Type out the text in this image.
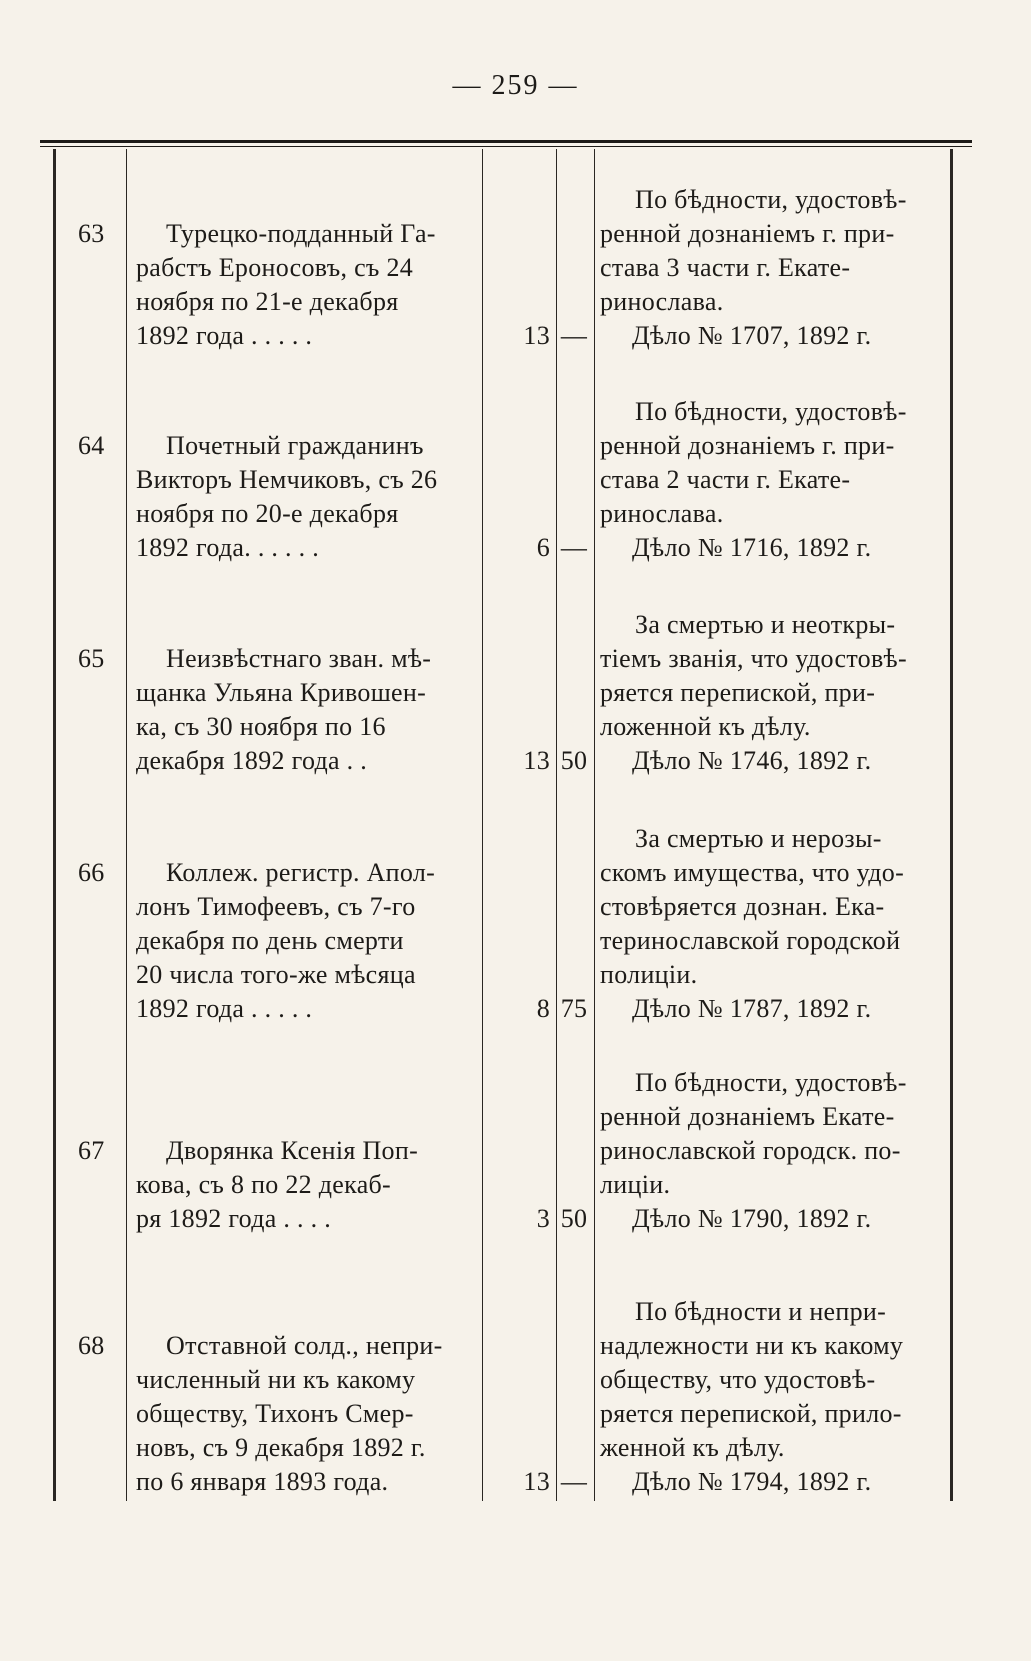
— 259 —
По бѣдности, удостовѣ-
ренной дознаніемъ г. при-
става 3 части г. Екате-
ринослава.
Дѣло № 1707, 1892 г.
Турецко-подданный Га-
рабстъ Ероносовъ, съ 24
ноября по 21-е декабря
1892 года . . . . .
63
13 —
По бѣдности, удостовѣ-
ренной дознаніемъ г. при-
става 2 части г. Екате-
ринослава.
Дѣло № 1716, 1892 г.
Почетный гражданинъ
Викторъ Немчиковъ, съ 26
ноября по 20-е декабря
1892 года. . . . . .
64
6 —
За смертью и неоткры-
тіемъ званія, что удостовѣ-
ряется перепиской, при-
ложенной къ дѣлу.
Дѣло № 1746, 1892 г.
Неизвѣстнаго зван. мѣ-
щанка Ульяна Кривошен-
ка, съ 30 ноября по 16
декабря 1892 года . .
65
13 50
За смертью и нерозы-
скомъ имущества, что удо-
стовѣряется дознан. Ека-
теринославской городской
полиціи.
Дѣло № 1787, 1892 г.
Коллеж. регистр. Апол-
лонъ Тимофеевъ, съ 7-го
декабря по день смерти
20 числа того-же мѣсяца
1892 года . . . . .
66
8 75
По бѣдности, удостовѣ-
ренной дознаніемъ Екате-
ринославской городск. по-
лиціи.
Дѣло № 1790, 1892 г.
Дворянка Ксенія Поп-
кова, съ 8 по 22 декаб-
ря 1892 года . . . .
67
3 50
По бѣдности и непри-
надлежности ни къ какому
обществу, что удостовѣ-
ряется перепиской, прило-
женной къ дѣлу.
Дѣло № 1794, 1892 г.
Отставной солд., непри-
численный ни къ какому
обществу, Тихонъ Смер-
новъ, съ 9 декабря 1892 г.
по 6 января 1893 года.
68
13 —
